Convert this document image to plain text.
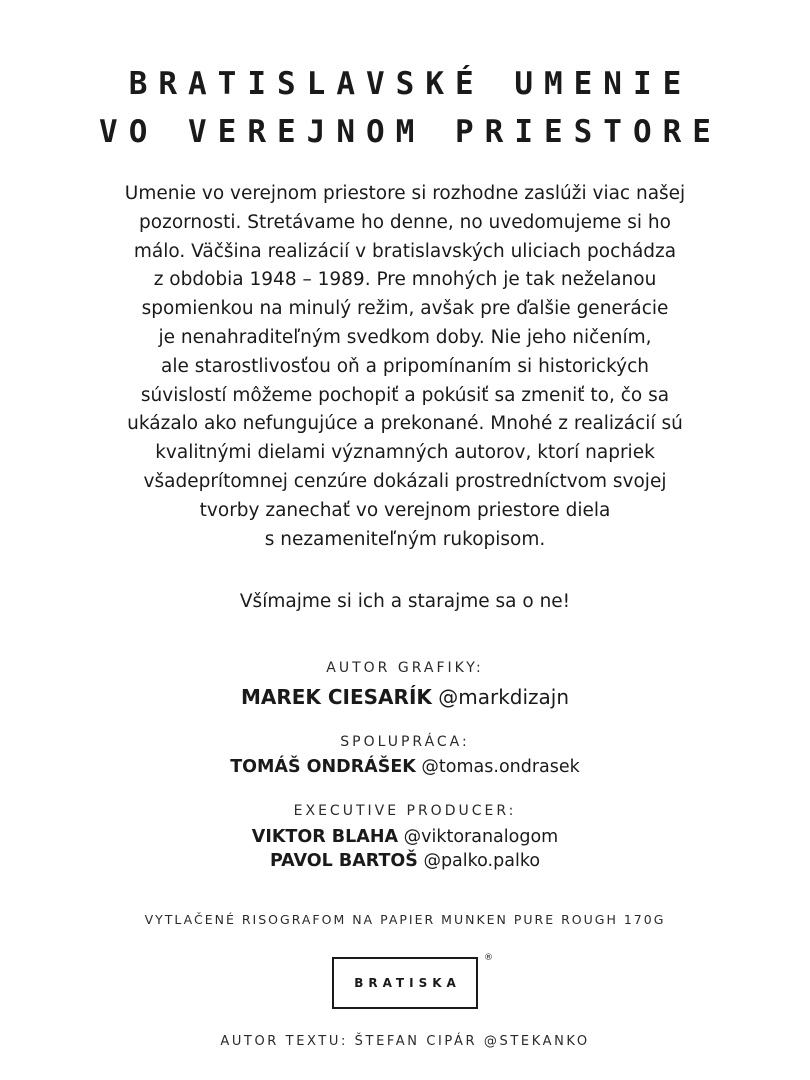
BRATISLAVSKÉ UMENIE
VO VEREJNOM PRIESTORE
Umenie vo verejnom priestore si rozhodne zaslúži viac našej
pozornosti. Stretávame ho denne, no uvedomujeme si ho
málo. Väčšina realizácií v bratislavských uliciach pochádza
z obdobia 1948 – 1989. Pre mnohých je tak neželanou
spomienkou na minulý režim, avšak pre ďalšie generácie
je nenahraditeľným svedkom doby. Nie jeho ničením,
ale starostlivosťou oň a pripomínaním si historických
súvislostí môžeme pochopiť a pokúsiť sa zmeniť to, čo sa
ukázalo ako nefungujúce a prekonané. Mnohé z realizácií sú
kvalitnými dielami významných autorov, ktorí napriek
všadeprítomnej cenzúre dokázali prostredníctvom svojej
tvorby zanechať vo verejnom priestore diela
s nezameniteľným rukopisom.
Všímajme si ich a starajme sa o ne!
AUTOR GRAFIKY:
MAREK CIESARÍK @markdizajn
SPOLUPRÁCA:
TOMÁŠ ONDRÁŠEK @tomas.ondrasek
EXECUTIVE PRODUCER:
VIKTOR BLAHA @viktoranalogom
PAVOL BARTOŠ @palko.palko
VYTLAČENÉ RISOGRAFOM NA PAPIER MUNKEN PURE ROUGH 170G
BRATISKA
®
AUTOR TEXTU: ŠTEFAN CIPÁR @STEKANKO
